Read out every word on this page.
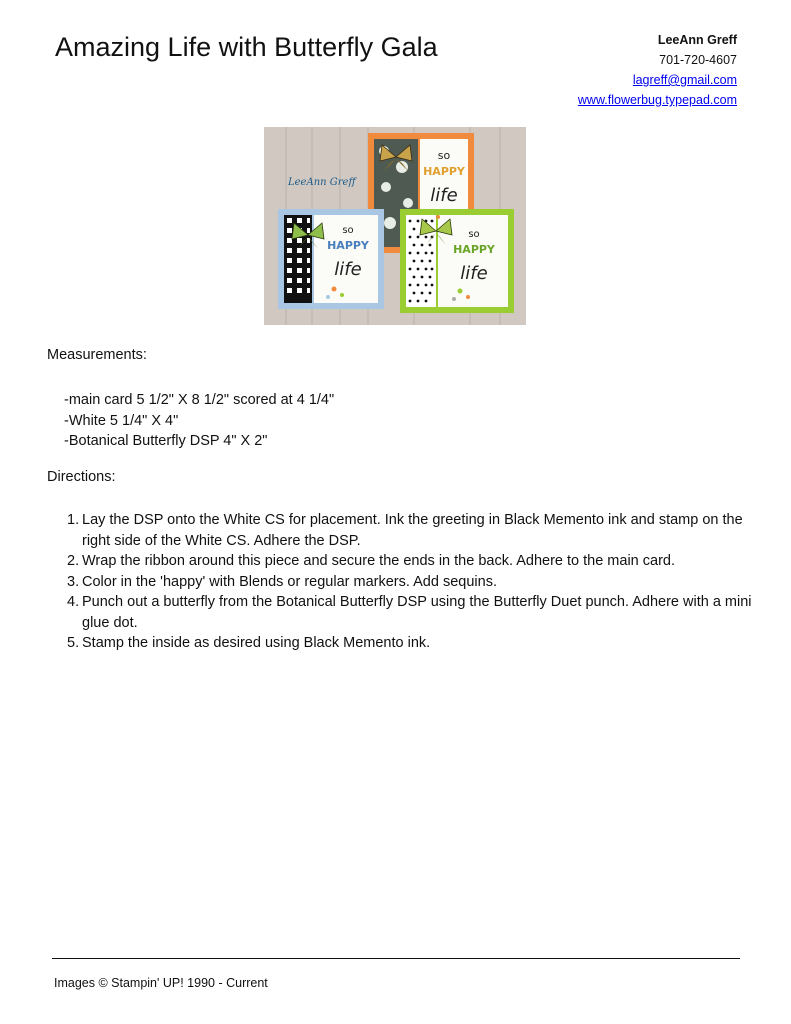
Amazing Life with Butterfly Gala	LeeAnn Greff
701-720-4607
lagreff@gmail.com
www.flowerbug.typepad.com
LeeAnn Greff
so
HAPPY
life
so
HAPPY
life
so
HAPPY
life
Measurements:
-main card 5 1/2" X 8 1/2" scored at 4 1/4"
-White 5 1/4" X 4"
-Botanical Butterfly DSP 4" X 2"
Directions:
1. Lay the DSP onto the White CS for placement. Ink the greeting in Black Memento ink and stamp on the right side of the White CS. Adhere the DSP.
2. Wrap the ribbon around this piece and secure the ends in the back. Adhere to the main card.
3. Color in the 'happy' with Blends or regular markers. Add sequins.
4. Punch out a butterfly from the Botanical Butterfly DSP using the Butterfly Duet punch. Adhere with a mini glue dot.
5. Stamp the inside as desired using Black Memento ink.
Images © Stampin' UP! 1990 - Current
